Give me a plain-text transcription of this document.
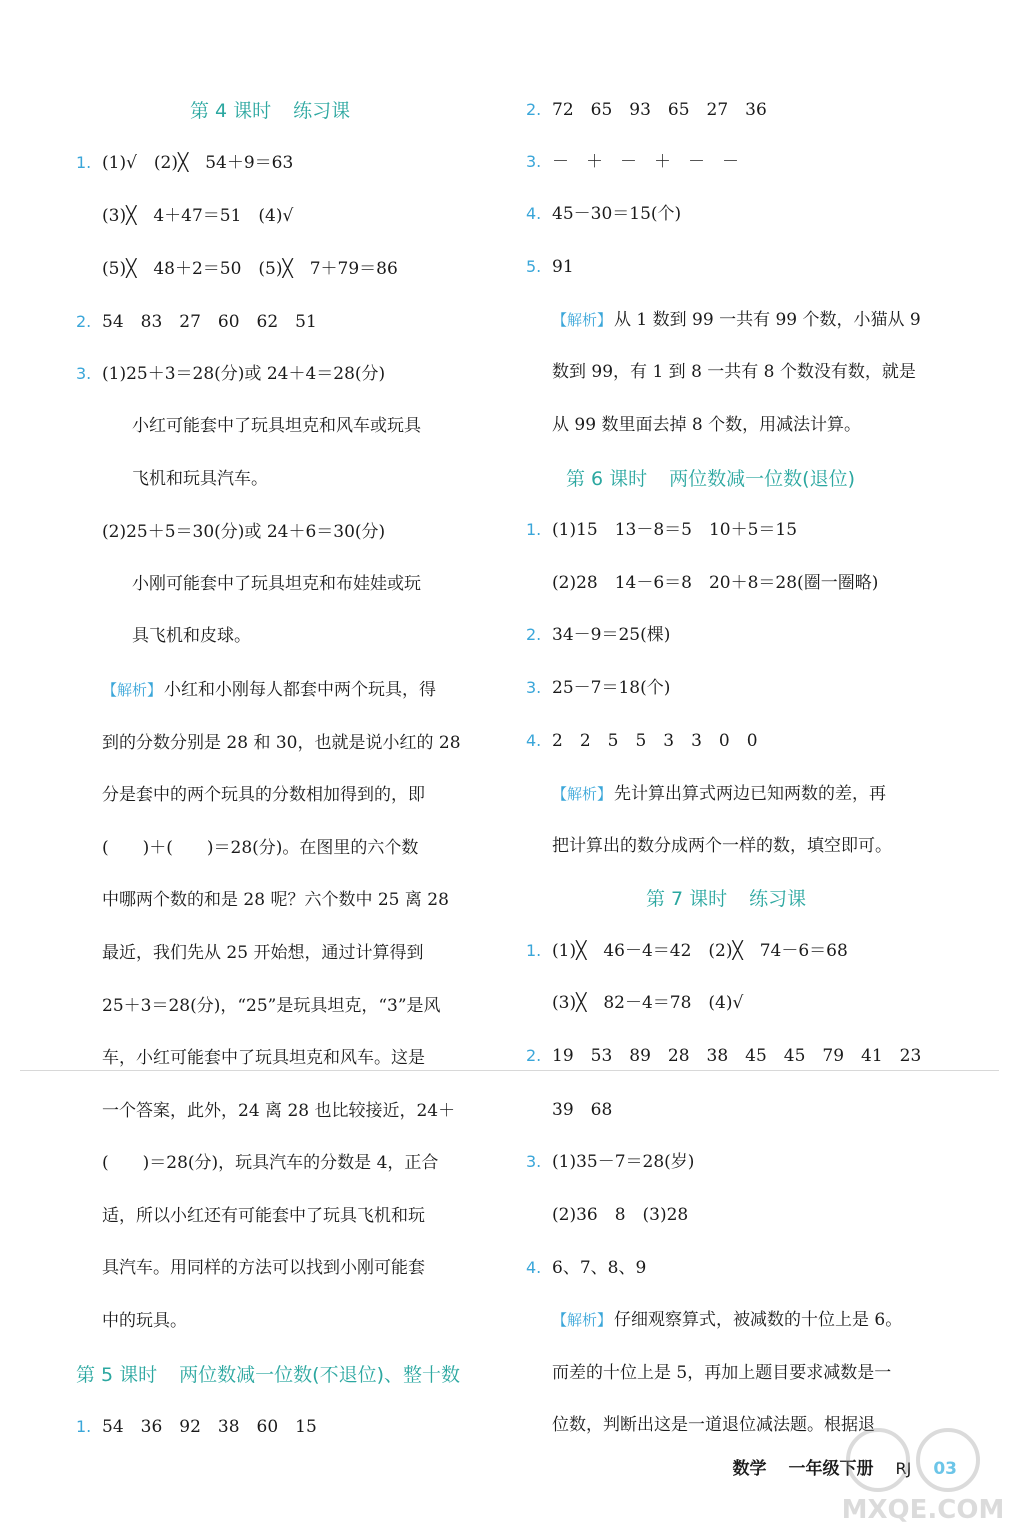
第 4 课时 练习课
1. (1)√　(2)╳　54＋9＝63
(3)╳　4＋47＝51　(4)√
(5)╳　48＋2＝50　(5)╳　7＋79＝86
2. 54　83　27　60　62　51
3. (1)25＋3＝28(分)或 24＋4＝28(分)
小红可能套中了玩具坦克和风车或玩具
飞机和玩具汽车。
(2)25＋5＝30(分)或 24＋6＝30(分)
小刚可能套中了玩具坦克和布娃娃或玩
具飞机和皮球。
【解析】 小红和小刚每人都套中两个玩具，得
到的分数分别是 28 和 30，也就是说小红的 28
分是套中的两个玩具的分数相加得到的，即
(　　)＋(　　)＝28(分)。在图里的六个数
中哪两个数的和是 28 呢？六个数中 25 离 28
最近，我们先从 25 开始想，通过计算得到
25＋3＝28(分)，“25”是玩具坦克，“3”是风
车，小红可能套中了玩具坦克和风车。这是
一个答案，此外，24 离 28 也比较接近，24＋
(　　)＝28(分)，玩具汽车的分数是 4，正合
适，所以小红还有可能套中了玩具飞机和玩
具汽车。用同样的方法可以找到小刚可能套
中的玩具。
第 5 课时 两位数减一位数(不退位)、整十数
1. 54　36　92　38　60　15
2. 72　65　93　65　27　36
3. －　＋　－　＋　－　－
4. 45－30＝15(个)
5. 91
【解析】 从 1 数到 99 一共有 99 个数，小猫从 9
数到 99，有 1 到 8 一共有 8 个数没有数，就是
从 99 数里面去掉 8 个数，用减法计算。
第 6 课时 两位数减一位数(退位)
1. (1)15　13－8＝5　10＋5＝15
(2)28　14－6＝8　20＋8＝28(圈一圈略)
2. 34－9＝25(棵)
3. 25－7＝18(个)
4. 2　2　5　5　3　3　0　0
【解析】 先计算出算式两边已知两数的差，再
把计算出的数分成两个一样的数，填空即可。
第 7 课时 练习课
1. (1)╳　46－4＝42　(2)╳　74－6＝68
(3)╳　82－4＝78　(4)√
2. 19　53　89　28　38　45　45　79　41　23
39　68
3. (1)35－7＝28(岁)
(2)36　8　(3)28
4. 6、7、8、9
【解析】 仔细观察算式，被减数的十位上是 6。
而差的十位上是 5，再加上题目要求减数是一
位数，判断出这是一道退位减法题。根据退
数学 一年级下册 RJ 03
MXQE.COM
